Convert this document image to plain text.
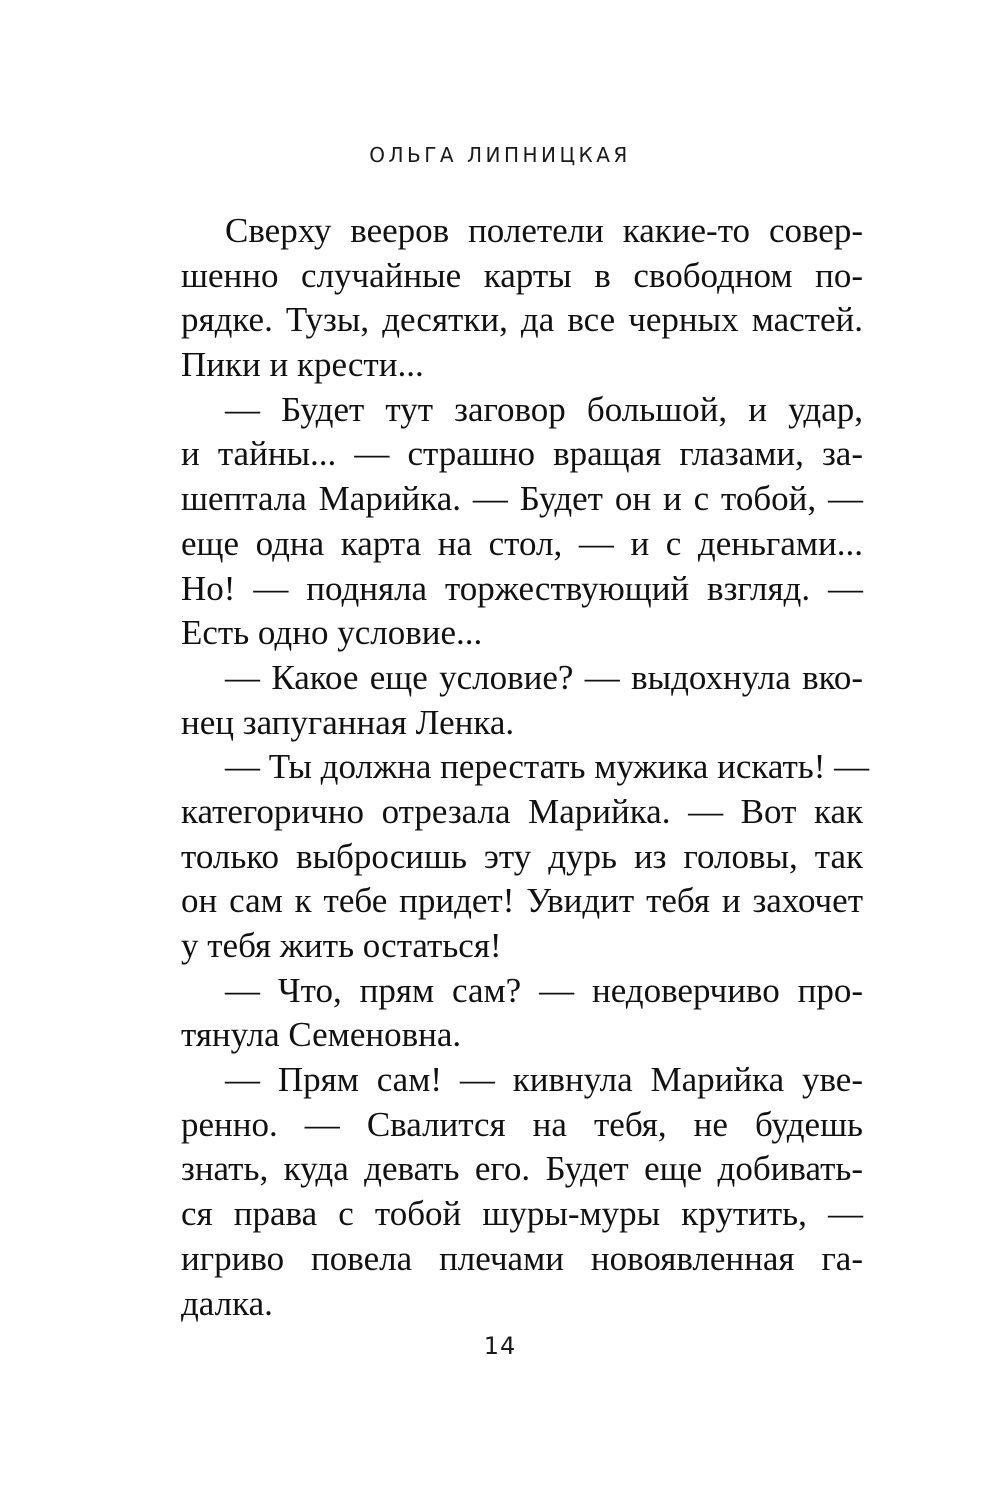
ОЛЬГА ЛИПНИЦКАЯ
Сверху вееров полетели какие-то совер-
шенно случайные карты в свободном по-
рядке. Тузы, десятки, да все черных мастей.
Пики и крести...
— Будет тут заговор большой, и удар,
и тайны... — страшно вращая глазами, за-
шептала Марийка. — Будет он и с тобой, —
еще одна карта на стол, — и с деньгами...
Но! — подняла торжествующий взгляд. —
Есть одно условие...
— Какое еще условие? — выдохнула вко-
нец запуганная Ленка.
— Ты должна перестать мужика искать! —
категорично отрезала Марийка. — Вот как
только выбросишь эту дурь из головы, так
он сам к тебе придет! Увидит тебя и захочет
у тебя жить остаться!
— Что, прям сам? — недоверчиво про-
тянула Семеновна.
— Прям сам! — кивнула Марийка уве-
ренно. — Свалится на тебя, не будешь
знать, куда девать его. Будет еще добивать-
ся права с тобой шуры-муры крутить, —
игриво повела плечами новоявленная га-
далка.
14
